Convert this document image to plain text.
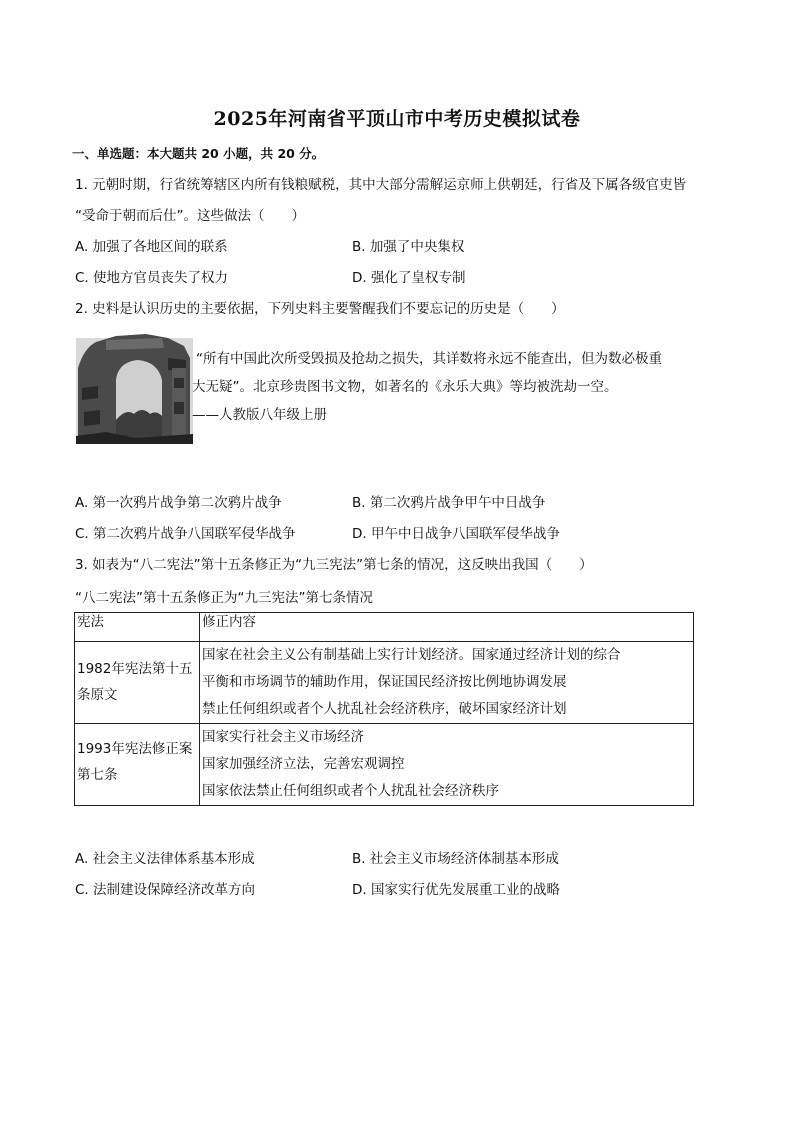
2025年河南省平顶山市中考历史模拟试卷
一、单选题：本大题共 20 小题，共 20 分。
1. 元朝时期，行省统筹辖区内所有钱粮赋税，其中大部分需解运京师上供朝廷，行省及下属各级官吏皆
“受命于朝而后仕”。这些做法（　　）
A. 加强了各地区间的联系	B. 加强了中央集权
C. 使地方官员丧失了权力	D. 强化了皇权专制
2. 史料是认识历史的主要依据，下列史料主要警醒我们不要忘记的历史是（　　）
“所有中国此次所受毁损及抢劫之损失，其详数将永远不能查出，但为数必极重
大无疑”。北京珍贵图书文物，如著名的《永乐大典》等均被洗劫一空。
——人教版八年级上册
A. 第一次鸦片战争第二次鸦片战争	B. 第二次鸦片战争甲午中日战争
C. 第二次鸦片战争八国联军侵华战争	D. 甲午中日战争八国联军侵华战争
3. 如表为“八二宪法”第十五条修正为“九三宪法”第七条的情况，这反映出我国（　　）
“八二宪法”第十五条修正为“九三宪法”第七条情况
宪法	修正内容

1982年宪法第十五
条原文	国家在社会主义公有制基础上实行计划经济。国家通过经济计划的综合
平衡和市场调节的辅助作用，保证国民经济按比例地协调发展
禁止任何组织或者个人扰乱社会经济秩序，破坏国家经济计划

1993年宪法修正案
第七条	国家实行社会主义市场经济
国家加强经济立法，完善宏观调控
国家依法禁止任何组织或者个人扰乱社会经济秩序
A. 社会主义法律体系基本形成	B. 社会主义市场经济体制基本形成
C. 法制建设保障经济改革方向	D. 国家实行优先发展重工业的战略
